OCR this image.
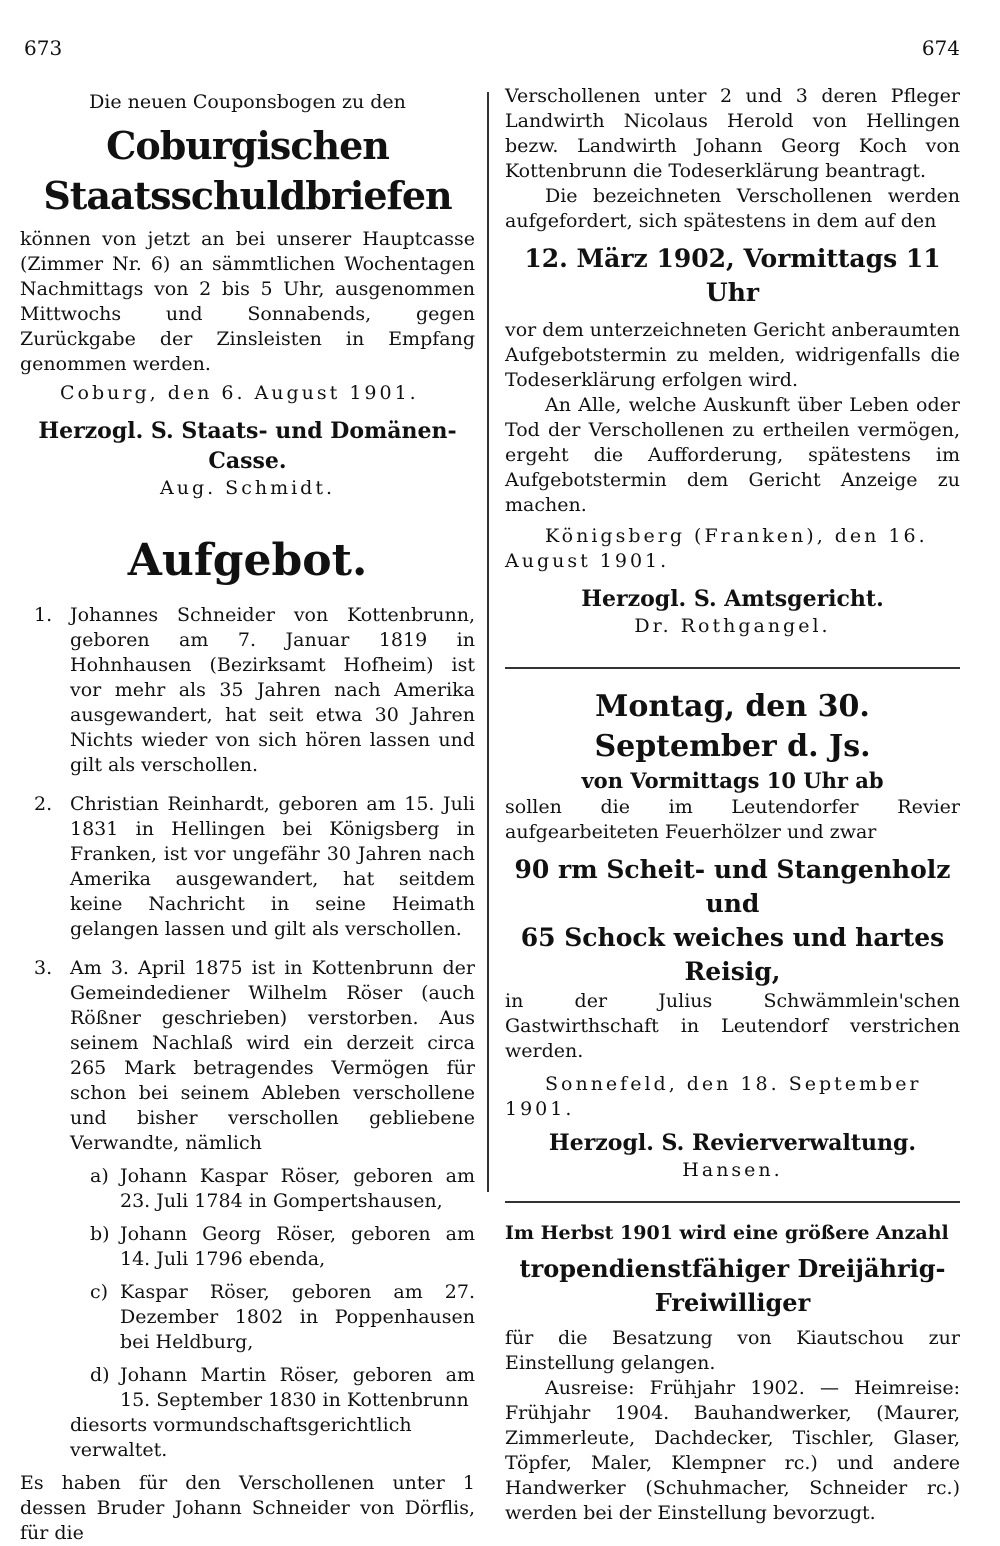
673	674

Die neuen Couponsbogen zu den

Coburgischen Staatsschuldbriefen

können von jetzt an bei unserer Hauptcasse (Zimmer Nr. 6) an sämmtlichen Wochentagen Nachmittags von 2 bis 5 Uhr, ausgenommen Mittwochs und Sonnabends, gegen Zurückgabe der Zinsleisten in Empfang genommen werden.

Coburg, den 6. August 1901.

Herzogl. S. Staats- und Domänen-Casse.

Aug. Schmidt.

Aufgebot.

1. Johannes Schneider von Kottenbrunn, geboren am 7. Januar 1819 in Hohnhausen (Bezirksamt Hofheim) ist vor mehr als 35 Jahren nach Amerika ausgewandert, hat seit etwa 30 Jahren Nichts wieder von sich hören lassen und gilt als verschollen.
2. Christian Reinhardt, geboren am 15. Juli 1831 in Hellingen bei Königsberg in Franken, ist vor ungefähr 30 Jahren nach Amerika ausgewandert, hat seitdem keine Nachricht in seine Heimath gelangen lassen und gilt als verschollen.
3. Am 3. April 1875 ist in Kottenbrunn der Gemeindediener Wilhelm Röser (auch Rößner geschrieben) verstorben. Aus seinem Nachlaß wird ein derzeit circa 265 Mark betragendes Vermögen für schon bei seinem Ableben verschollene und bisher verschollen gebliebene Verwandte, nämlich
a) Johann Kaspar Röser, geboren am 23. Juli 1784 in Gompertshausen,
b) Johann Georg Röser, geboren am 14. Juli 1796 ebenda,
c) Kaspar Röser, geboren am 27. Dezember 1802 in Poppenhausen bei Heldburg,
d) Johann Martin Röser, geboren am 15. September 1830 in Kottenbrunn

diesorts vormundschaftsgerichtlich verwaltet.

Es haben für den Verschollenen unter 1 dessen Bruder Johann Schneider von Dörflis, für die

Verschollenen unter 2 und 3 deren Pfleger Landwirth Nicolaus Herold von Hellingen bezw. Landwirth Johann Georg Koch von Kottenbrunn die Todeserklärung beantragt.

Die bezeichneten Verschollenen werden aufgefordert, sich spätestens in dem auf den

12. März 1902, Vormittags 11 Uhr

vor dem unterzeichneten Gericht anberaumten Aufgebotstermin zu melden, widrigenfalls die Todeserklärung erfolgen wird.

An Alle, welche Auskunft über Leben oder Tod der Verschollenen zu ertheilen vermögen, ergeht die Aufforderung, spätestens im Aufgebotstermin dem Gericht Anzeige zu machen.

Königsberg (Franken), den 16. August 1901.

Herzogl. S. Amtsgericht.

Dr. Rothgangel.

Montag, den 30. September d. Js.

von Vormittags 10 Uhr ab

sollen die im Leutendorfer Revier aufgearbeiteten Feuerhölzer und zwar

90 rm Scheit- und Stangenholz und

65 Schock weiches und hartes Reisig,

in der Julius Schwämmlein'schen Gastwirthschaft in Leutendorf verstrichen werden.

Sonnefeld, den 18. September 1901.

Herzogl. S. Revierverwaltung.

Hansen.

Im Herbst 1901 wird eine größere Anzahl

tropendienstfähiger Dreijährig-Freiwilliger

für die Besatzung von Kiautschou zur Einstellung gelangen.

Ausreise: Frühjahr 1902. — Heimreise: Frühjahr 1904. Bauhandwerker, (Maurer, Zimmerleute, Dachdecker, Tischler, Glaser, Töpfer, Maler, Klempner rc.) und andere Handwerker (Schuhmacher, Schneider rc.) werden bei der Einstellung bevorzugt.
